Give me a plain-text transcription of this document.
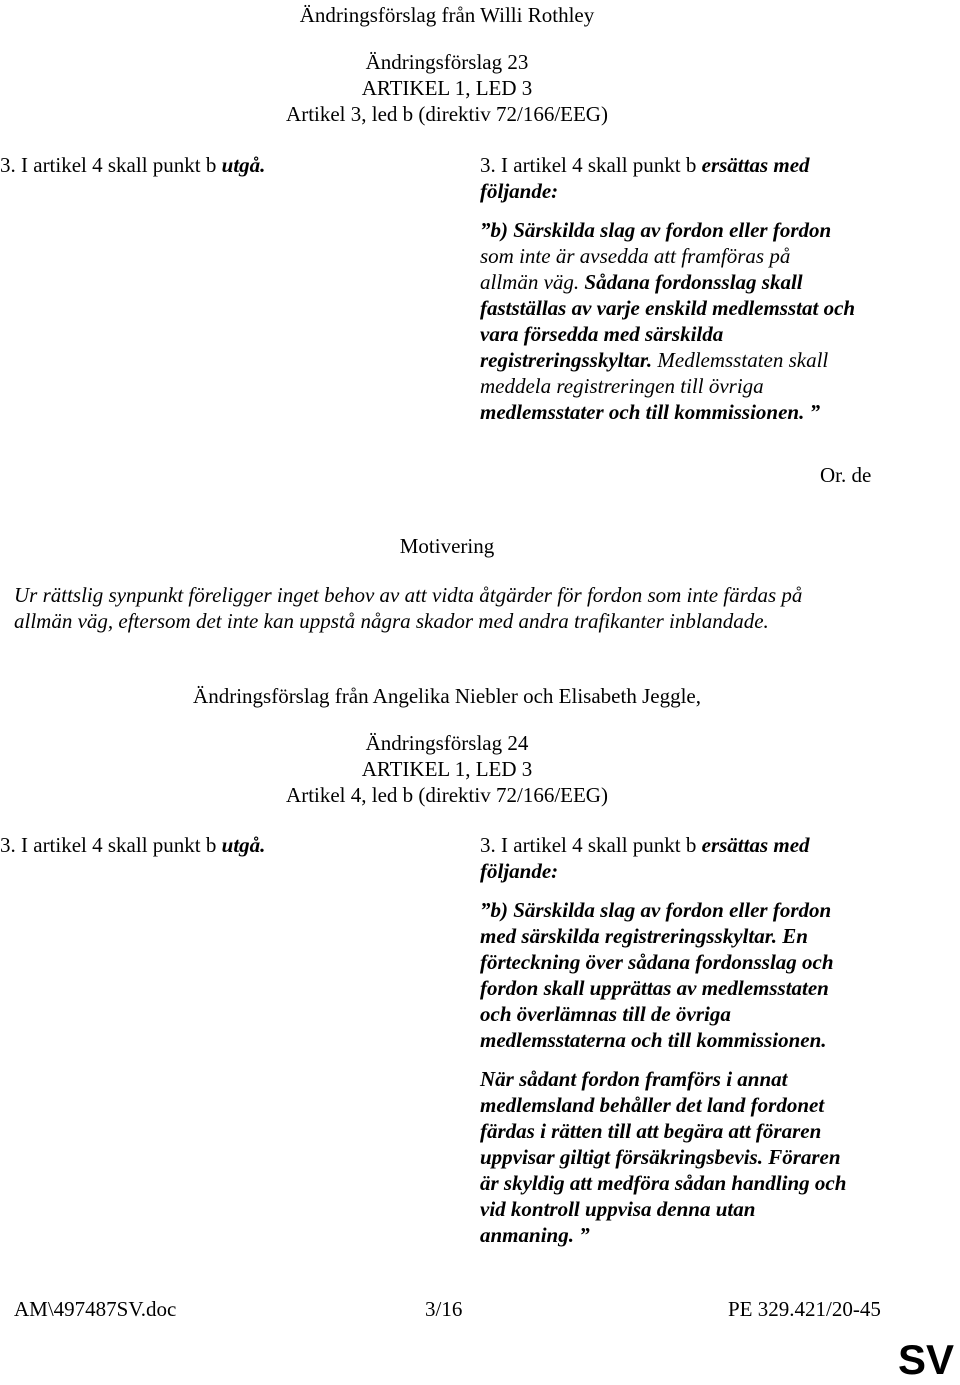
Ändringsförslag från Willi Rothley
Ändringsförslag 23
ARTIKEL 1, LED 3
Artikel 3, led b (direktiv 72/166/EEG)
3. I artikel 4 skall punkt b utgå.	3. I artikel 4 skall punkt b ersättas med

följande:

”b) Särskilda slag av fordon eller fordon

som inte är avsedda att framföras på

allmän väg. Sådana fordonsslag skall

fastställas av varje enskild medlemsstat och

vara försedda med särskilda

registreringsskyltar. Medlemsstaten skall

meddela registreringen till övriga

medlemsstater och till kommissionen. ”

Or. de
Motivering
Ur rättslig synpunkt föreligger inget behov av att vidta åtgärder för fordon som inte färdas på
allmän väg, eftersom det inte kan uppstå några skador med andra trafikanter inblandade.
Ändringsförslag från Angelika Niebler och Elisabeth Jeggle,
Ändringsförslag 24
ARTIKEL 1, LED 3
Artikel 4, led b (direktiv 72/166/EEG)
3. I artikel 4 skall punkt b utgå.	3. I artikel 4 skall punkt b ersättas med

följande:

”b) Särskilda slag av fordon eller fordon

med särskilda registreringsskyltar. En

förteckning över sådana fordonsslag och

fordon skall upprättas av medlemsstaten

och överlämnas till de övriga

medlemsstaterna och till kommissionen.

När sådant fordon framförs i annat

medlemsland behåller det land fordonet

färdas i rätten till att begära att föraren

uppvisar giltigt försäkringsbevis. Föraren

är skyldig att medföra sådan handling och

vid kontroll uppvisa denna utan

anmaning. ”

AM\497487SV.doc	3/16	PE 329.421/20-45
SV
